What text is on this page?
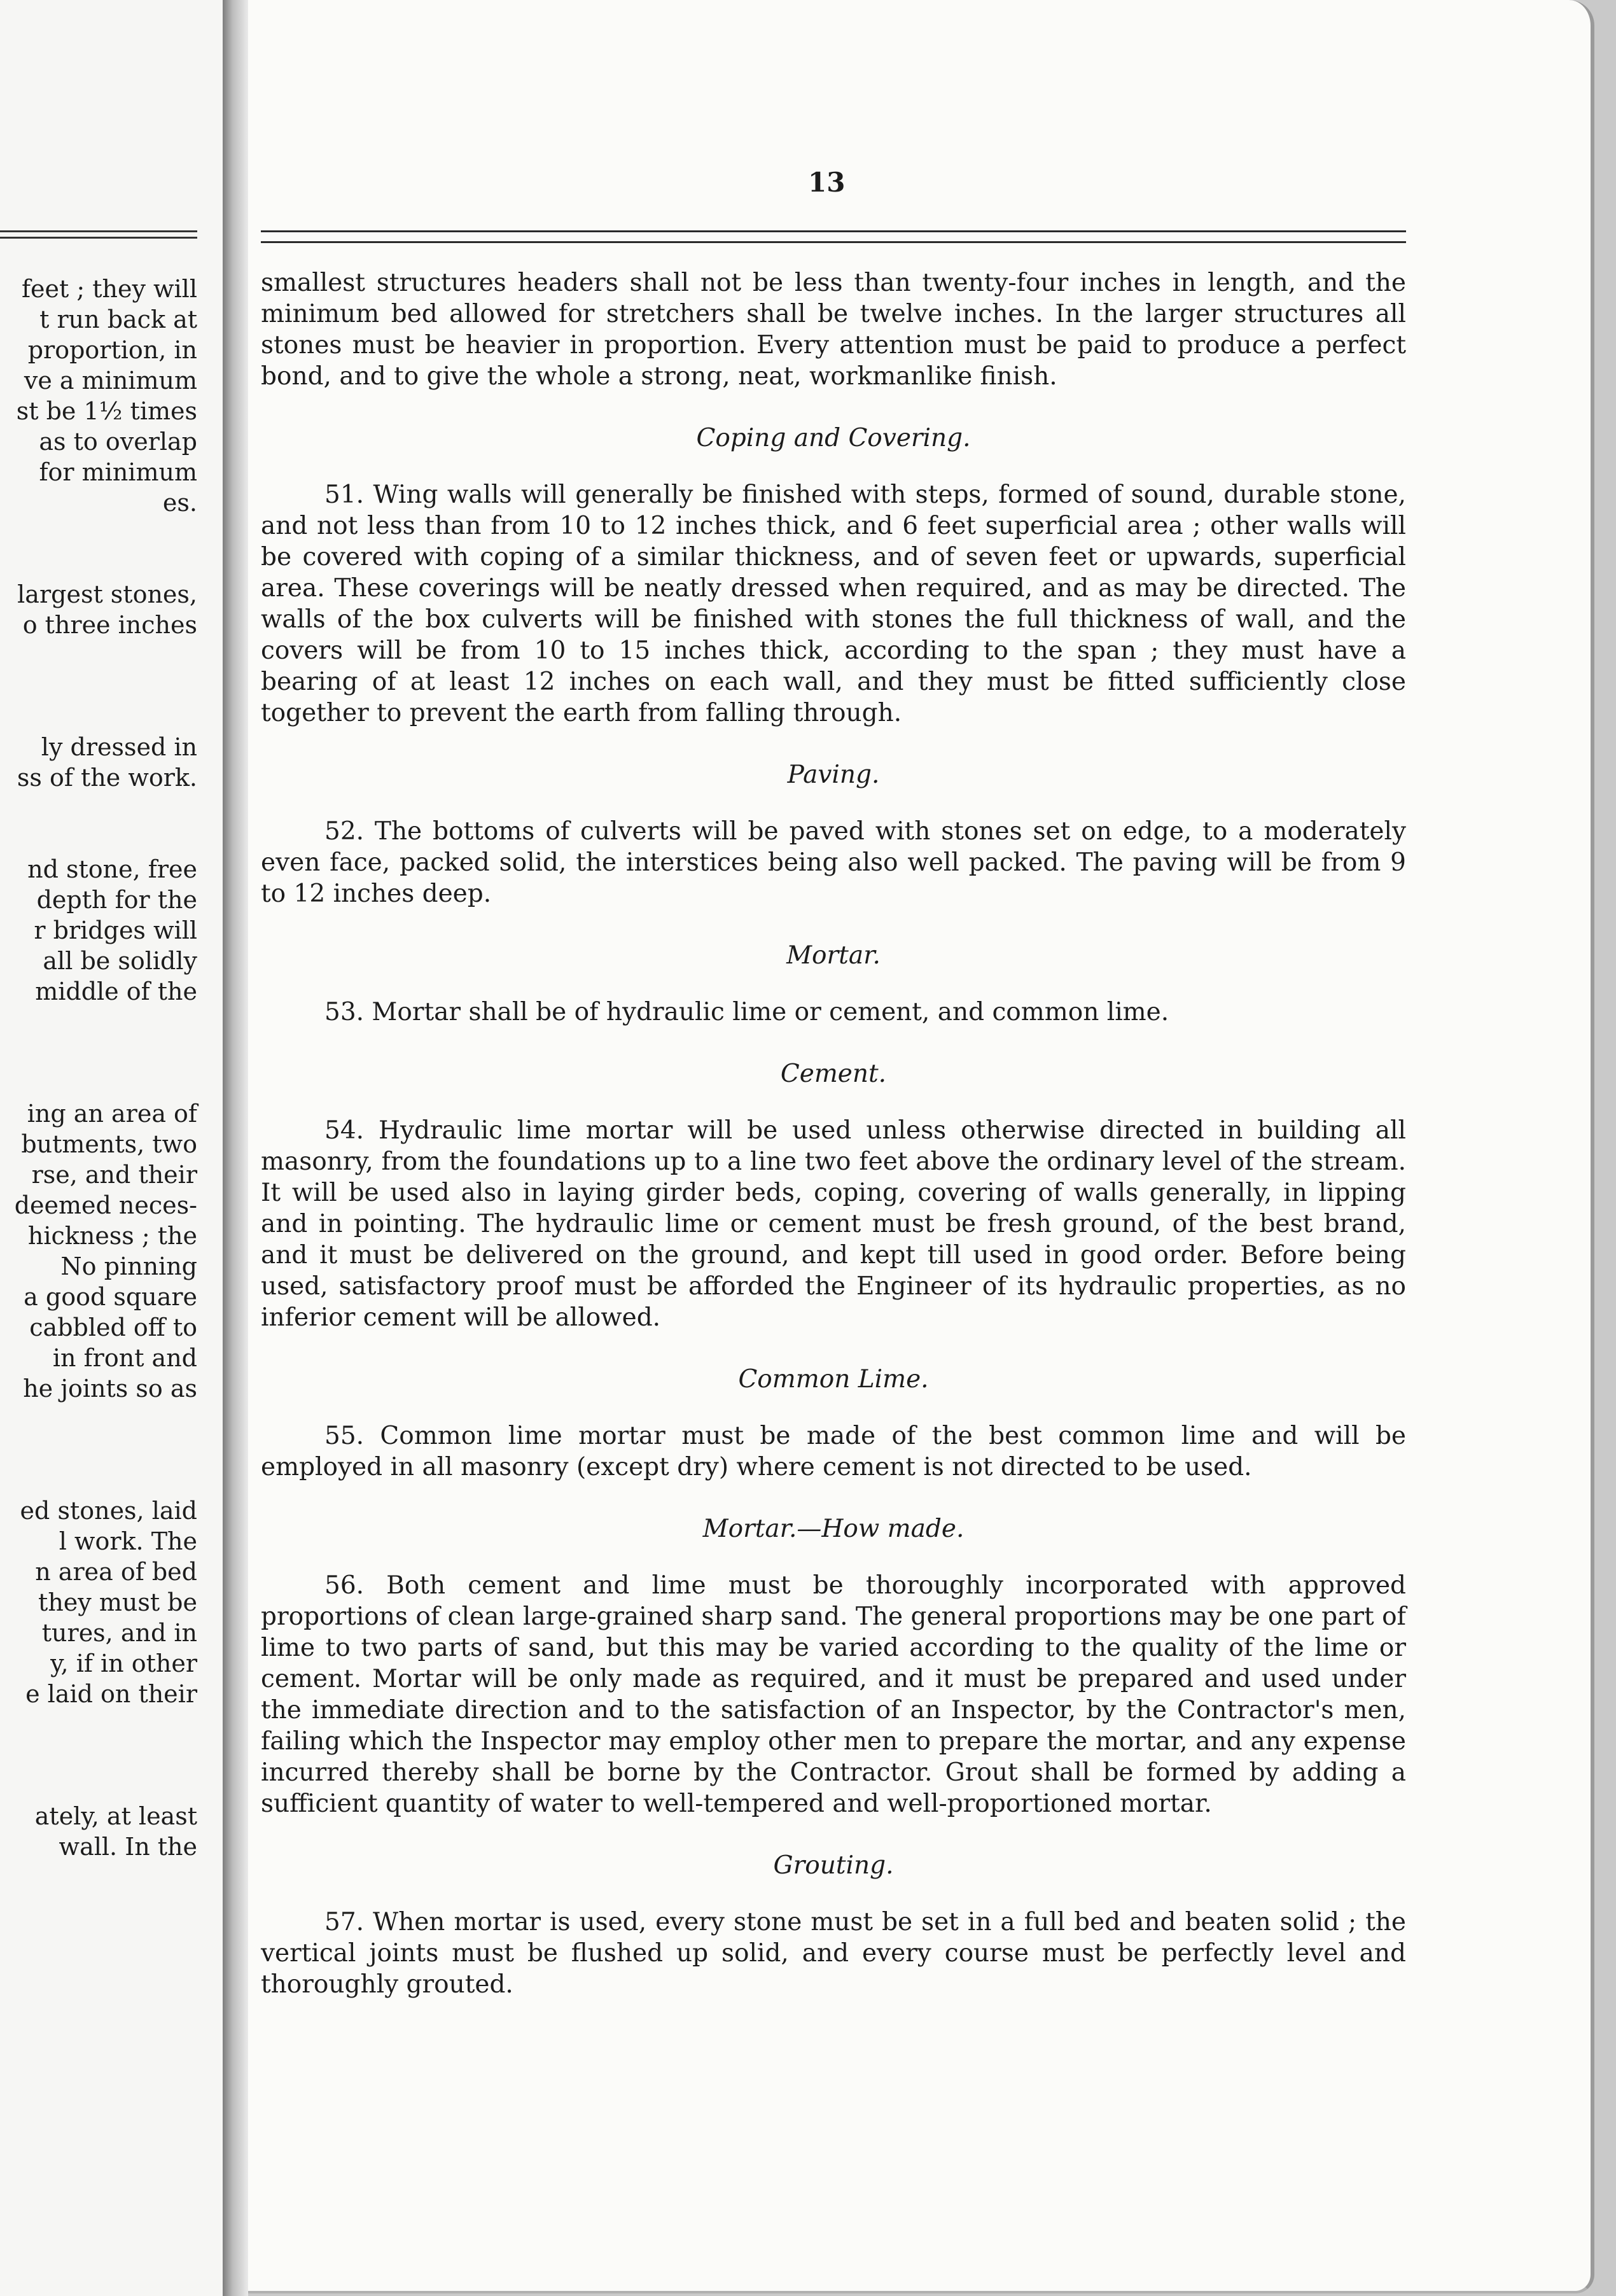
feet ; they will
t run back at
proportion, in
ve a minimum
st be 1½ times
as to overlap
for minimum
es.
largest stones,
o three inches
ly dressed in
ss of the work.
nd stone, free
depth for the
r bridges will
all be solidly
middle of the
ing an area of
butments, two
rse, and their
deemed neces-
hickness ; the
No pinning
a good square
cabbled off to
in front and
he joints so as
ed stones, laid
l work. The
n area of bed
they must be
tures, and in
y, if in other
e laid on their
ately, at least
wall. In the
13

smallest structures headers shall not be less than twenty-four inches in length, and the minimum bed allowed for stretchers shall be twelve inches. In the larger structures all stones must be heavier in proportion. Every attention must be paid to produce a perfect bond, and to give the whole a strong, neat, workmanlike finish.

Coping and Covering.

51. Wing walls will generally be finished with steps, formed of sound, durable stone, and not less than from 10 to 12 inches thick, and 6 feet superficial area ; other walls will be covered with coping of a similar thickness, and of seven feet or upwards, superficial area. These coverings will be neatly dressed when required, and as may be directed. The walls of the box culverts will be finished with stones the full thickness of wall, and the covers will be from 10 to 15 inches thick, according to the span ; they must have a bearing of at least 12 inches on each wall, and they must be fitted sufficiently close together to prevent the earth from falling through.

Paving.

52. The bottoms of culverts will be paved with stones set on edge, to a moderately even face, packed solid, the interstices being also well packed. The paving will be from 9 to 12 inches deep.

Mortar.

53. Mortar shall be of hydraulic lime or cement, and common lime.

Cement.

54. Hydraulic lime mortar will be used unless otherwise directed in building all masonry, from the foundations up to a line two feet above the ordinary level of the stream. It will be used also in laying girder beds, coping, covering of walls generally, in lipping and in pointing. The hydraulic lime or cement must be fresh ground, of the best brand, and it must be delivered on the ground, and kept till used in good order. Before being used, satisfactory proof must be afforded the Engineer of its hydraulic properties, as no inferior cement will be allowed.

Common Lime.

55. Common lime mortar must be made of the best common lime and will be employed in all masonry (except dry) where cement is not directed to be used.

Mortar.—How made.

56. Both cement and lime must be thoroughly incorporated with approved proportions of clean large-grained sharp sand. The general proportions may be one part of lime to two parts of sand, but this may be varied according to the quality of the lime or cement. Mortar will be only made as required, and it must be prepared and used under the immediate direction and to the satisfaction of an Inspector, by the Contractor's men, failing which the Inspector may employ other men to prepare the mortar, and any expense incurred thereby shall be borne by the Contractor. Grout shall be formed by adding a sufficient quantity of water to well-tempered and well-proportioned mortar.

Grouting.

57. When mortar is used, every stone must be set in a full bed and beaten solid ; the vertical joints must be flushed up solid, and every course must be perfectly level and thoroughly grouted.
